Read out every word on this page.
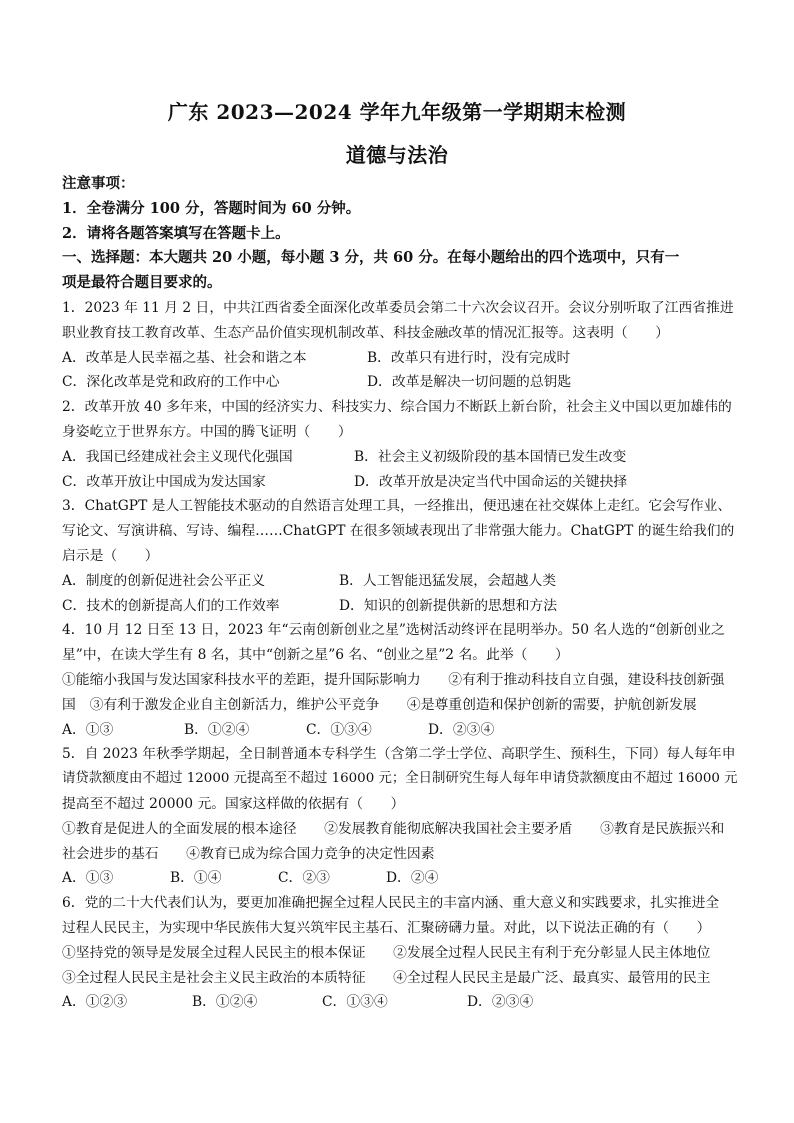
广东 2023—2024 学年九年级第一学期期末检测
道德与法治

注意事项：

1．全卷满分 100 分，答题时间为 60 分钟。

2．请将各题答案填写在答题卡上。

一、选择题：本大题共 20 小题，每小题 3 分，共 60 分。在每小题给出的四个选项中，只有一

项是最符合题目要求的。

1．2023 年 11 月 2 日，中共江西省委全面深化改革委员会第二十六次会议召开。会议分别听取了江西省推进

职业教育技工教育改革、生态产品价值实现机制改革、科技金融改革的情况汇报等。这表明（　　）

A．改革是人民幸福之基、社会和谐之本	B．改革只有进行时，没有完成时
C．深化改革是党和政府的工作中心	D．改革是解决一切问题的总钥匙

2．改革开放 40 多年来，中国的经济实力、科技实力、综合国力不断跃上新台阶，社会主义中国以更加雄伟的

身姿屹立于世界东方。中国的腾飞证明（　　）

A．我国已经建成社会主义现代化强国	B．社会主义初级阶段的基本国情已发生改变
C．改革开放让中国成为发达国家	D．改革开放是决定当代中国命运的关键抉择

3．ChatGPT 是人工智能技术驱动的自然语言处理工具，一经推出，便迅速在社交媒体上走红。它会写作业、

写论文、写演讲稿、写诗、编程……ChatGPT 在很多领域表现出了非常强大能力。ChatGPT 的诞生给我们的

启示是（　　）

A．制度的创新促进社会公平正义	B．人工智能迅猛发展，会超越人类
C．技术的创新提高人们的工作效率	D．知识的创新提供新的思想和方法

4．10 月 12 日至 13 日，2023 年“云南创新创业之星”选树活动终评在昆明举办。50 名人选的“创新创业之

星”中，在读大学生有 8 名，其中“创新之星”6 名、“创业之星”2 名。此举（　　）

①能缩小我国与发达国家科技水平的差距，提升国际影响力　　②有利于推动科技自立自强，建设科技创新强

国　③有利于激发企业自主创新活力，维护公平竞争　　④是尊重创造和保护创新的需要，护航创新发展

A．①③	B．①②④	C．①③④	D．②③④

5．自 2023 年秋季学期起，全日制普通本专科学生（含第二学士学位、高职学生、预科生，下同）每人每年申

请贷款额度由不超过 12000 元提高至不超过 16000 元；全日制研究生每人每年申请贷款额度由不超过 16000 元

提高至不超过 20000 元。国家这样做的依据有（　　）

①教育是促进人的全面发展的根本途径　　②发展教育能彻底解决我国社会主要矛盾　　③教育是民族振兴和

社会进步的基石　　④教育已成为综合国力竞争的决定性因素

A．①③	B．①④	C．②③	D．②④

6．党的二十大代表们认为，要更加准确把握全过程人民民主的丰富内涵、重大意义和实践要求，扎实推进全

过程人民民主，为实现中华民族伟大复兴筑牢民主基石、汇聚磅礴力量。对此，以下说法正确的有（　　）

①坚持党的领导是发展全过程人民民主的根本保证　　②发展全过程人民民主有利于充分彰显人民主体地位

③全过程人民民主是社会主义民主政治的本质特征　　④全过程人民民主是最广泛、最真实、最管用的民主

A．①②③	B．①②④	C．①③④	D．②③④
